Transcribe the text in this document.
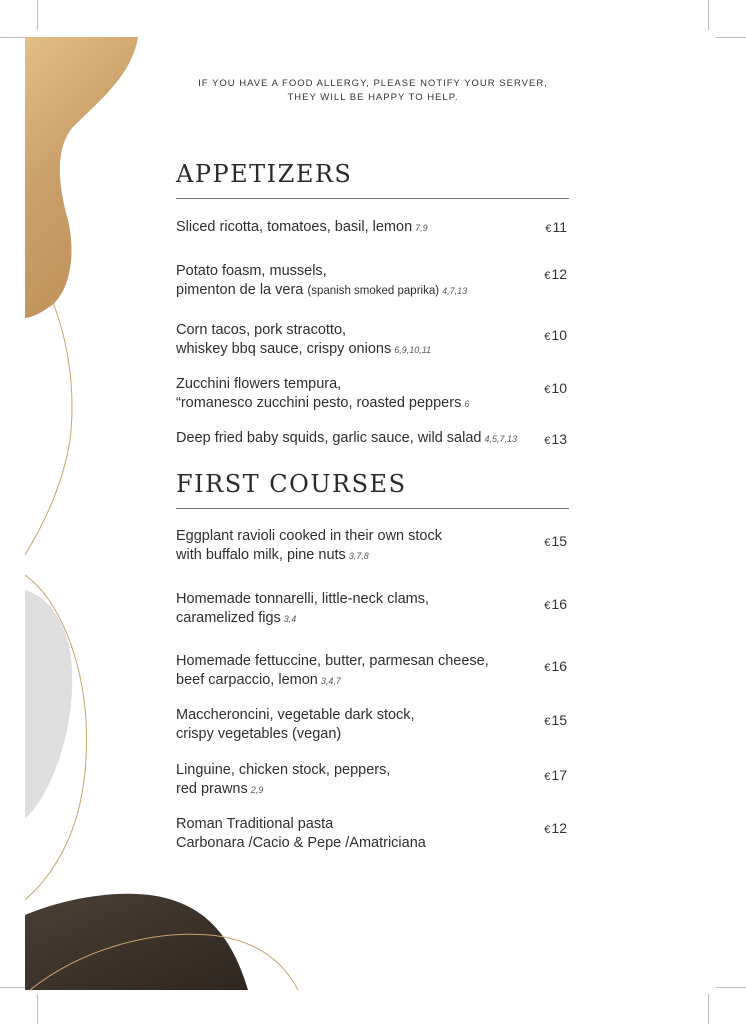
IF YOU HAVE A FOOD ALLERGY, PLEASE NOTIFY YOUR SERVER,
THEY WILL BE HAPPY TO HELP.
APPETIZERS
Sliced ricotta, tomatoes, basil, lemon 7,9	€11
Potato foasm, mussels,
pimenton de la vera (spanish smoked paprika) 4,7,13
€12
Corn tacos, pork stracotto,
whiskey bbq sauce, crispy onions 6,9,10,11
€10
Zucchini flowers tempura,
“romanesco zucchini pesto, roasted peppers 6
€10
Deep fried baby squids, garlic sauce, wild salad 4,5,7,13	€13
FIRST COURSES
Eggplant ravioli cooked in their own stock
with buffalo milk, pine nuts 3,7,8
€15
Homemade tonnarelli, little-neck clams,
caramelized figs 3,4
€16
Homemade fettuccine, butter, parmesan cheese,
beef carpaccio, lemon 3,4,7
€16
Maccheroncini, vegetable dark stock,
crispy vegetables (vegan)
€15
Linguine, chicken stock, peppers,
red prawns 2,9
€17
Roman Traditional pasta
Carbonara /Cacio & Pepe /Amatriciana
€12
